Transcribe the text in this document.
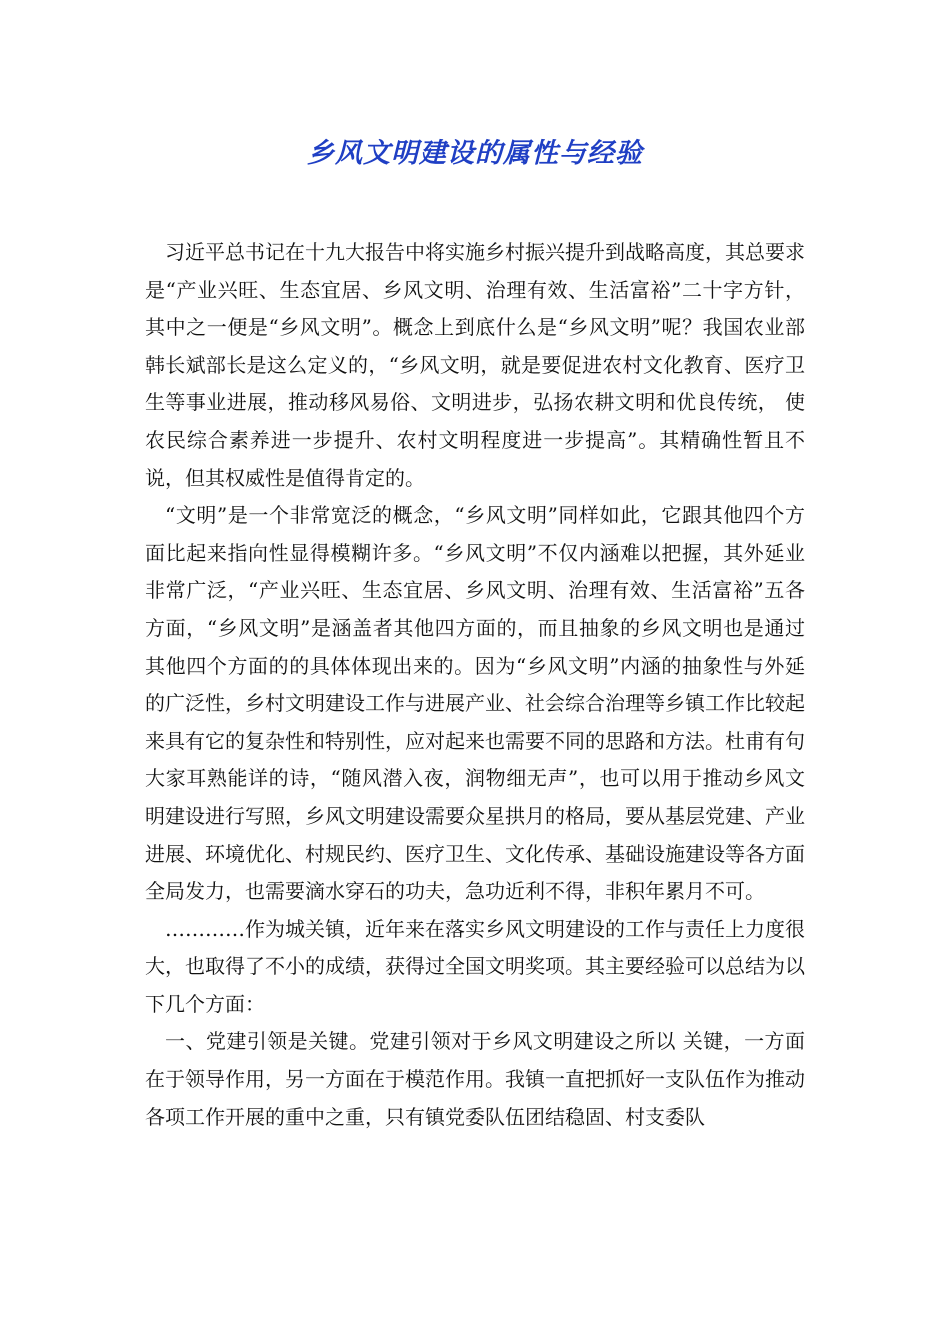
乡风文明建设的属性与经验

习近平总书记在十九大报告中将实施乡村振兴提升到战略高度，其总要求是“产业兴旺、生态宜居、乡风文明、治理有效、生活富裕”二十字方针，其中之一便是“乡风文明”。概念上到底什么是“乡风文明”呢？我国农业部韩长斌部长是这么定义的，“乡风文明，就是要促进农村文化教育、医疗卫生等事业进展，推动移风易俗、文明进步，弘扬农耕文明和优良传统， 使农民综合素养进一步提升、农村文明程度进一步提高”。其精确性暂且不说，但其权威性是值得肯定的。

“文明”是一个非常宽泛的概念，“乡风文明”同样如此，它跟其他四个方面比起来指向性显得模糊许多。“乡风文明”不仅内涵难以把握，其外延业非常广泛，“产业兴旺、生态宜居、乡风文明、治理有效、生活富裕”五各方面，“乡风文明”是涵盖者其他四方面的，而且抽象的乡风文明也是通过其他四个方面的的具体体现出来的。因为“乡风文明”内涵的抽象性与外延的广泛性，乡村文明建设工作与进展产业、社会综合治理等乡镇工作比较起来具有它的复杂性和特别性，应对起来也需要不同的思路和方法。杜甫有句大家耳熟能详的诗，“随风潜入夜，润物细无声”，也可以用于推动乡风文明建设进行写照，乡风文明建设需要众星拱月的格局，要从基层党建、产业进展、环境优化、村规民约、医疗卫生、文化传承、基础设施建设等各方面全局发力，也需要滴水穿石的功夫，急功近利不得，非积年累月不可。

…………作为城关镇，近年来在落实乡风文明建设的工作与责任上力度很大，也取得了不小的成绩，获得过全国文明奖项。其主要经验可以总结为以下几个方面：

一、党建引领是关键。党建引领对于乡风文明建设之所以 关键，一方面在于领导作用，另一方面在于模范作用。我镇一直把抓好一支队伍作为推动各项工作开展的重中之重，只有镇党委队伍团结稳固、村支委队
